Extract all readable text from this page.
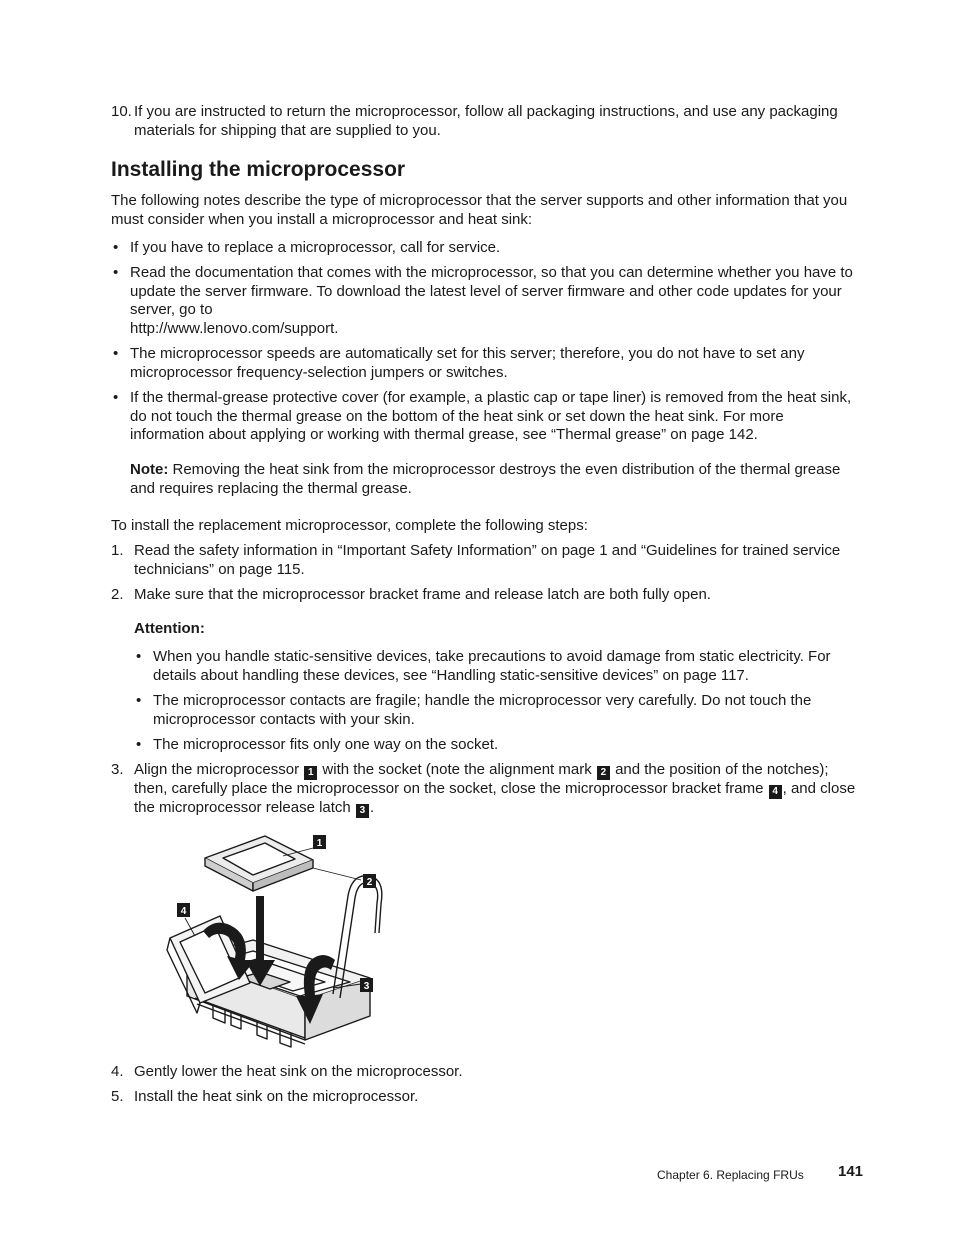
10. If you are instructed to return the microprocessor, follow all packaging instructions, and use any packaging materials for shipping that are supplied to you.
Installing the microprocessor
The following notes describe the type of microprocessor that the server supports and other information that you must consider when you install a microprocessor and heat sink:
• If you have to replace a microprocessor, call for service.
• Read the documentation that comes with the microprocessor, so that you can determine whether you have to update the server firmware. To download the latest level of server firmware and other code updates for your server, go to
http://www.lenovo.com/support.
• The microprocessor speeds are automatically set for this server; therefore, you do not have to set any microprocessor frequency-selection jumpers or switches.
• If the thermal-grease protective cover (for example, a plastic cap or tape liner) is removed from the heat sink, do not touch the thermal grease on the bottom of the heat sink or set down the heat sink. For more information about applying or working with thermal grease, see “Thermal grease” on page 142.
Note: Removing the heat sink from the microprocessor destroys the even distribution of the thermal grease and requires replacing the thermal grease.
To install the replacement microprocessor, complete the following steps:
1. Read the safety information in “Important Safety Information” on page 1 and “Guidelines for trained service technicians” on page 115.
2. Make sure that the microprocessor bracket frame and release latch are both fully open.
Attention:
• When you handle static-sensitive devices, take precautions to avoid damage from static electricity. For details about handling these devices, see “Handling static-sensitive devices” on page 117.
• The microprocessor contacts are fragile; handle the microprocessor very carefully. Do not touch the microprocessor contacts with your skin.
• The microprocessor fits only one way on the socket.
3. Align the microprocessor 1 with the socket (note the alignment mark 2 and the position of the notches); then, carefully place the microprocessor on the socket, close the microprocessor bracket frame 4 , and close the microprocessor release latch 3 .
1
2
3
4
4. Gently lower the heat sink on the microprocessor.
5. Install the heat sink on the microprocessor.
Chapter 6. Replacing FRUs 141
